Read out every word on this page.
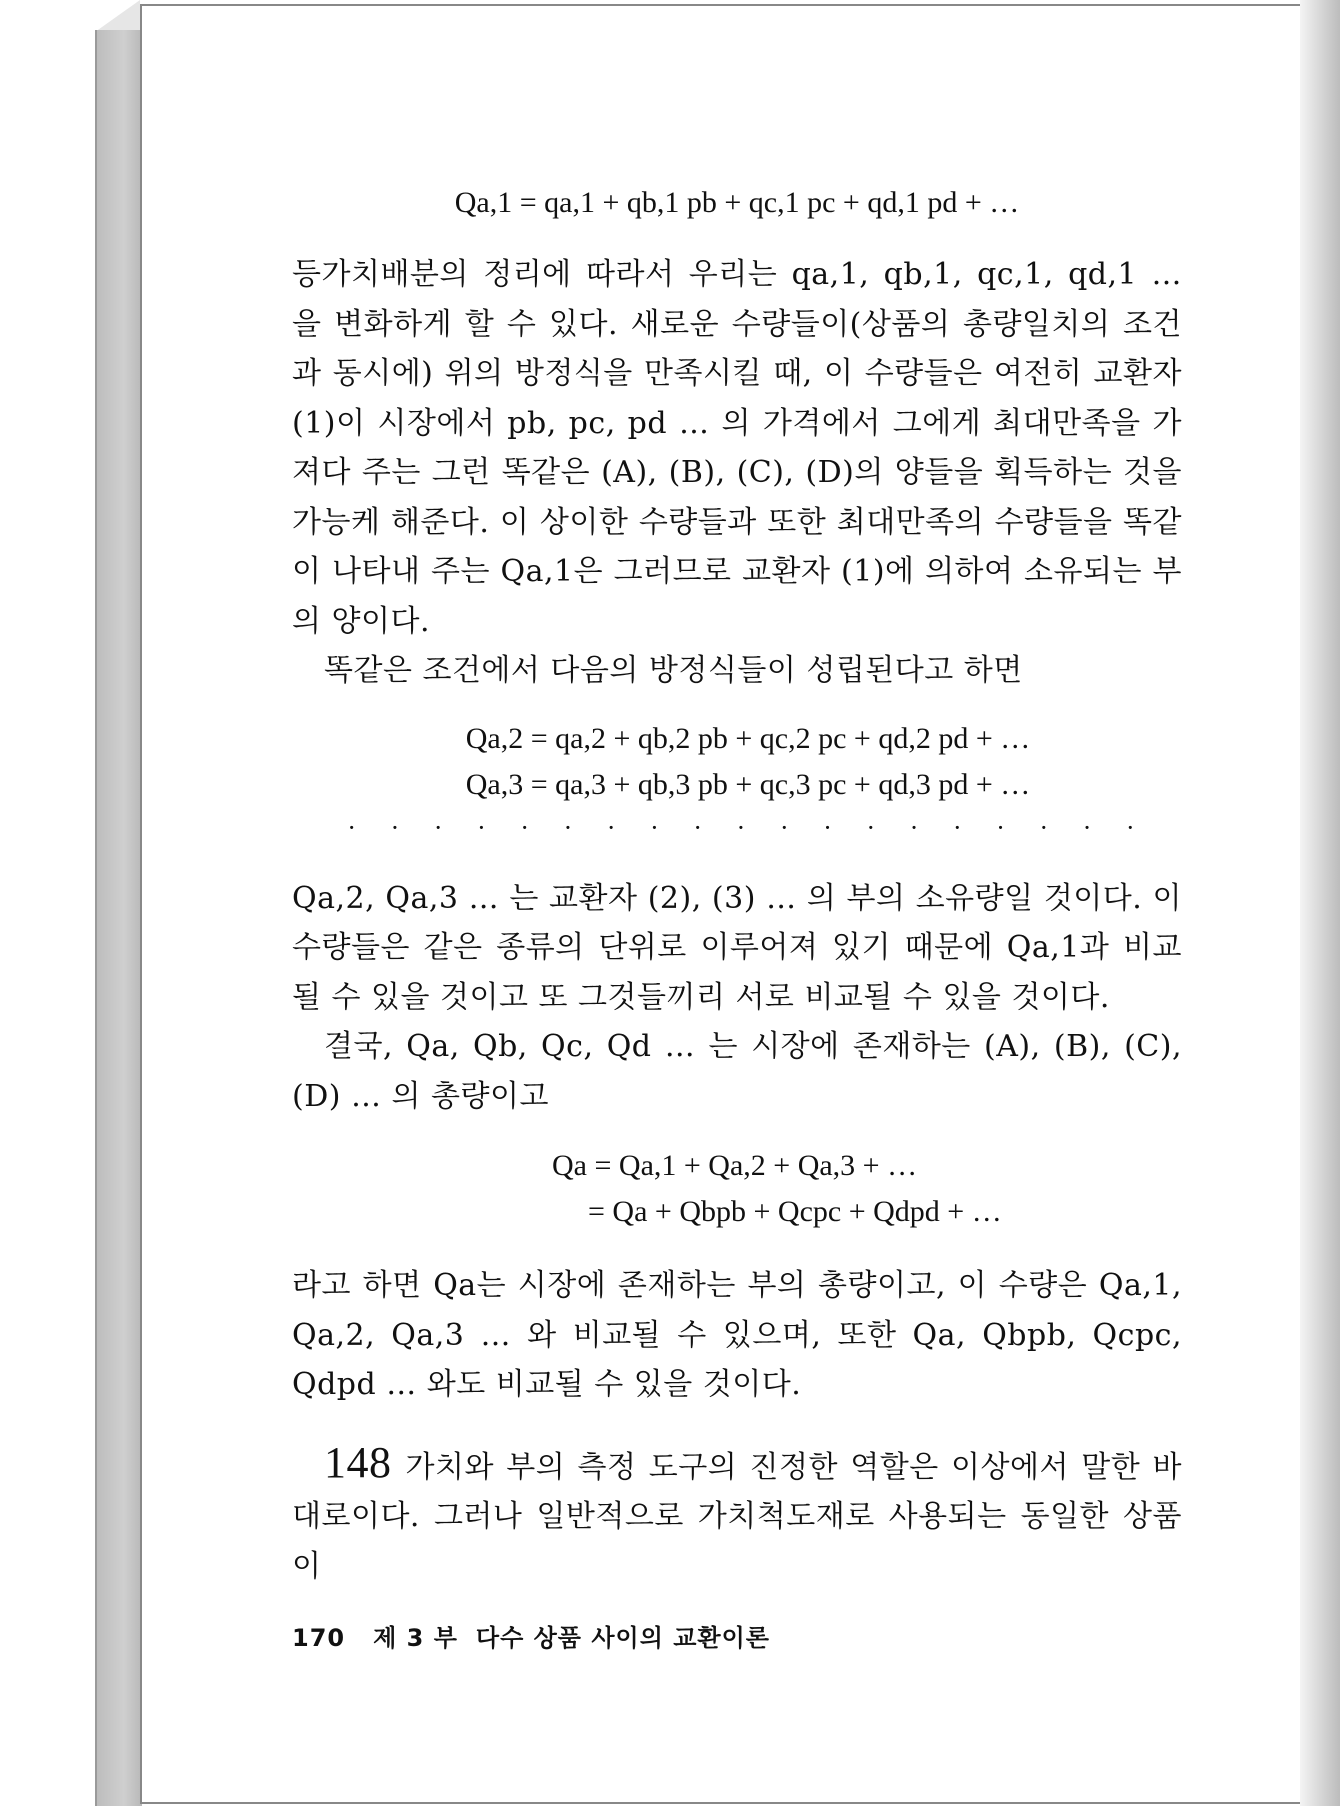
Qa,1 = qa,1 + qb,1 pb + qc,1 pc + qd,1 pd + …
등가치배분의 정리에 따라서 우리는 qa,1, qb,1, qc,1, qd,1 … 을 변화하게 할 수 있다. 새로운 수량들이(상품의 총량일치의 조건과 동시에) 위의 방정식을 만족시킬 때, 이 수량들은 여전히 교환자 (1)이 시장에서 pb, pc, pd … 의 가격에서 그에게 최대만족을 가져다 주는 그런 똑같은 (A), (B), (C), (D)의 양들을 획득하는 것을 가능케 해준다. 이 상이한 수량들과 또한 최대만족의 수량들을 똑같이 나타내 주는 Qa,1은 그러므로 교환자 (1)에 의하여 소유되는 부의 양이다.
똑같은 조건에서 다음의 방정식들이 성립된다고 하면
Qa,2 = qa,2 + qb,2 pb + qc,2 pc + qd,2 pd + …
Qa,3 = qa,3 + qb,3 pb + qc,3 pc + qd,3 pd + …
· · · · · · · · · · · · · · · · · · ·
Qa,2, Qa,3 … 는 교환자 (2), (3) … 의 부의 소유량일 것이다. 이 수량들은 같은 종류의 단위로 이루어져 있기 때문에 Qa,1과 비교될 수 있을 것이고 또 그것들끼리 서로 비교될 수 있을 것이다.
결국, Qa, Qb, Qc, Qd … 는 시장에 존재하는 (A), (B), (C), (D) … 의 총량이고
Qa = Qa,1 + Qa,2 + Qa,3 + …
= Qa + Qbpb + Qcpc + Qdpd + …
라고 하면 Qa는 시장에 존재하는 부의 총량이고, 이 수량은 Qa,1, Qa,2, Qa,3 … 와 비교될 수 있으며, 또한 Qa, Qbpb, Qcpc, Qdpd … 와도 비교될 수 있을 것이다.
148 가치와 부의 측정 도구의 진정한 역할은 이상에서 말한 바대로이다. 그러나 일반적으로 가치척도재로 사용되는 동일한 상품이
170 제 3 부 다수 상품 사이의 교환이론
